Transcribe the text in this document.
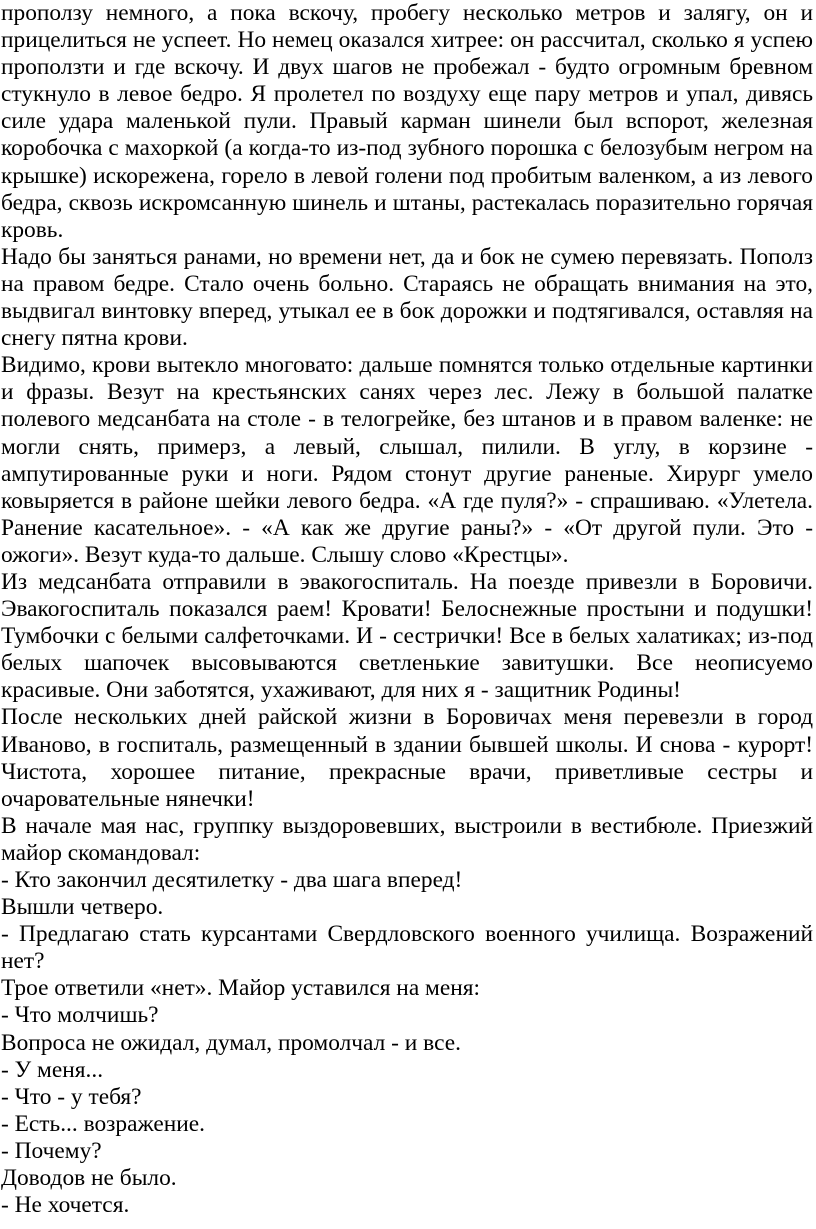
проползу немного, а пока вскочу, пробегу несколько метров и залягу, он и прицелиться не успеет. Но немец оказался хитрее: он рассчитал, сколько я успею проползти и где вскочу. И двух шагов не пробежал - будто огромным бревном стукнуло в левое бедро. Я пролетел по воздуху еще пару метров и упал, дивясь силе удара маленькой пули. Правый карман шинели был вспорот, железная коробочка с махоркой (а когда-то из-под зубного порошка с белозубым негром на крышке) искорежена, горело в левой голени под пробитым валенком, а из левого бедра, сквозь искромсанную шинель и штаны, растекалась поразительно горячая кровь.

Надо бы заняться ранами, но времени нет, да и бок не сумею перевязать. Пополз на правом бедре. Стало очень больно. Стараясь не обращать внимания на это, выдвигал винтовку вперед, утыкал ее в бок дорожки и подтягивался, оставляя на снегу пятна крови.

Видимо, крови вытекло многовато: дальше помнятся только отдельные картинки и фразы. Везут на крестьянских санях через лес. Лежу в большой палатке полевого медсанбата на столе - в телогрейке, без штанов и в правом валенке: не могли снять, примерз, а левый, слышал, пилили. В углу, в корзине - ампутированные руки и ноги. Рядом стонут другие раненые. Хирург умело ковыряется в районе шейки левого бедра. «А где пуля?» - спрашиваю. «Улетела. Ранение касательное». - «А как же другие раны?» - «От другой пули. Это - ожоги». Везут куда-то дальше. Слышу слово «Крестцы».

Из медсанбата отправили в эвакогоспиталь. На поезде привезли в Боровичи. Эвакогоспиталь показался раем! Кровати! Белоснежные простыни и подушки! Тумбочки с белыми салфеточками. И - сестрички! Все в белых халатиках; из-под белых шапочек высовываются светленькие завитушки. Все неописуемо красивые. Они заботятся, ухаживают, для них я - защитник Родины!

После нескольких дней райской жизни в Боровичах меня перевезли в город Иваново, в госпиталь, размещенный в здании бывшей школы. И снова - курорт! Чистота, хорошее питание, прекрасные врачи, приветливые сестры и очаровательные нянечки!

В начале мая нас, группку выздоровевших, выстроили в вестибюле. Приезжий майор скомандовал:

- Кто закончил десятилетку - два шага вперед!

Вышли четверо.

- Предлагаю стать курсантами Свердловского военного училища. Возражений нет?

Трое ответили «нет». Майор уставился на меня:

- Что молчишь?

Вопроса не ожидал, думал, промолчал - и все.

- У меня...

- Что - у тебя?

- Есть... возражение.

- Почему?

Доводов не было.

- Не хочется.
